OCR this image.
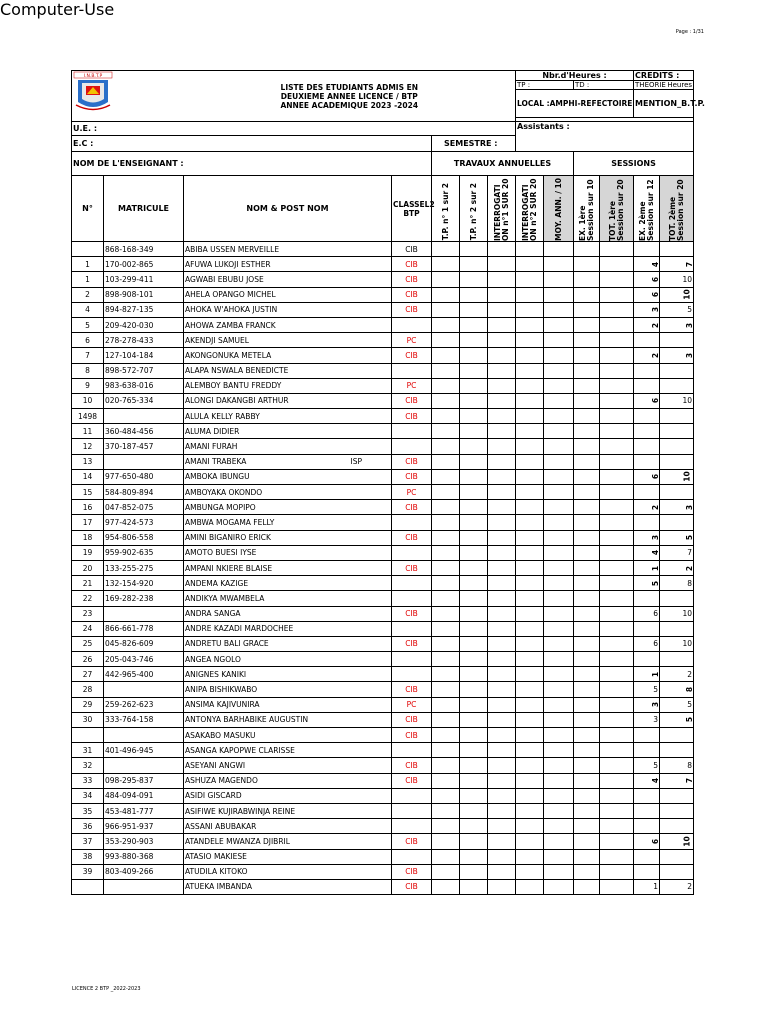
Computer-Use
Page : 1/31
I.N.B.T.P		LISTE DES ETUDIANTS ADMIS EN
DEUXIEME ANNEE LICENCE / BTP
ANNEE ACADEMIQUE 2023 -2024					Nbr.d'Heures :				CREDITS :	
							TP :		TD :		THEORIE Heures	

							LOCAL :AMPHI-REFECTOIRE				MENTION_B.T.P.	

U.E. :							Assistants :					
E.C :				SEMESTRE :								
NOM DE L'ENSEIGNANT :				TRAVAUX ANNUELLES					SESSIONS			
N°	MATRICULE	NOM & POST NOM	CLASSEL2 BTP	T.P. n° 1 sur 2	T.P. n° 2 sur 2	INTERROGATI ON n°1 SUR 20	INTERROGATI ON n°2 SUR 20	MOY. ANN. / 10	EX. 1ère Session sur 10	TOT. 1ère Session sur 20	EX. 2ème Session sur 12	TOT. 2ème Session sur 20

	868-168-349	ABIBA USSEN MERVEILLE	CIB									
1	170-002-865	AFUWA LUKOJI ESTHER	CIB								4	7
1	103-299-411	AGWABI EBUBU JOSE	CIB								6	10
2	898-908-101	AHELA OPANGO MICHEL	CIB								6	10
4	894-827-135	AHOKA W'AHOKA JUSTIN	CIB								3	5
5	209-420-030	AHOWA ZAMBA FRANCK									2	3
6	278-278-433	AKENDJI SAMUEL	PC									
7	127-104-184	AKONGONUKA METELA	CIB								2	3
8	898-572-707	ALAPA NSWALA BENEDICTE										
9	983-638-016	ALEMBOY BANTU FREDDY	PC									
10	020-765-334	ALONGI DAKANGBI ARTHUR	CIB								6	10
1498		ALULA KELLY RABBY	CIB									
11	360-484-456	ALUMA DIDIER										
12	370-187-457	AMANI FURAH										
13		AMANI TRABEKA ISP	CIB									
14	977-650-480	AMBOKA IBUNGU	CIB								6	10
15	584-809-894	AMBOYAKA OKONDO	PC									
16	047-852-075	AMBUNGA MOPIPO	CIB								2	3
17	977-424-573	AMBWA MOGAMA FELLY										
18	954-806-558	AMINI BIGANIRO ERICK	CIB								3	5
19	959-902-635	AMOTO BUESI IYSE									4	7
20	133-255-275	AMPANI NKIERE BLAISE	CIB								1	2
21	132-154-920	ANDEMA KAZIGE									5	8
22	169-282-238	ANDIKYA MWAMBELA										
23		ANDRA SANGA	CIB								6	10
24	866-661-778	ANDRE KAZADI MARDOCHEE										
25	045-826-609	ANDRETU BALI GRACE	CIB								6	10
26	205-043-746	ANGEA NGOLO										
27	442-965-400	ANIGNES KANIKI									1	2
28		ANIPA BISHIKWABO	CIB								5	8
29	259-262-623	ANSIMA KAJIVUNIRA	PC								3	5
30	333-764-158	ANTONYA BARHABIKE AUGUSTIN	CIB								3	5
		ASAKABO MASUKU	CIB									
31	401-496-945	ASANGA KAPOPWE CLARISSE										
32		ASEYANI ANGWI	CIB								5	8
33	098-295-837	ASHUZA MAGENDO	CIB								4	7
34	484-094-091	ASIDI GISCARD										
35	453-481-777	ASIFIWE KUJIRABWINJA REINE										
36	966-951-937	ASSANI ABUBAKAR										
37	353-290-903	ATANDELE MWANZA DJIBRIL	CIB								6	10
38	993-880-368	ATASIO MAKIESE										
39	803-409-266	ATUDILA KITOKO	CIB									
		ATUEKA IMBANDA	CIB								1	2
LICENCE 2 BTP _2022-2023
